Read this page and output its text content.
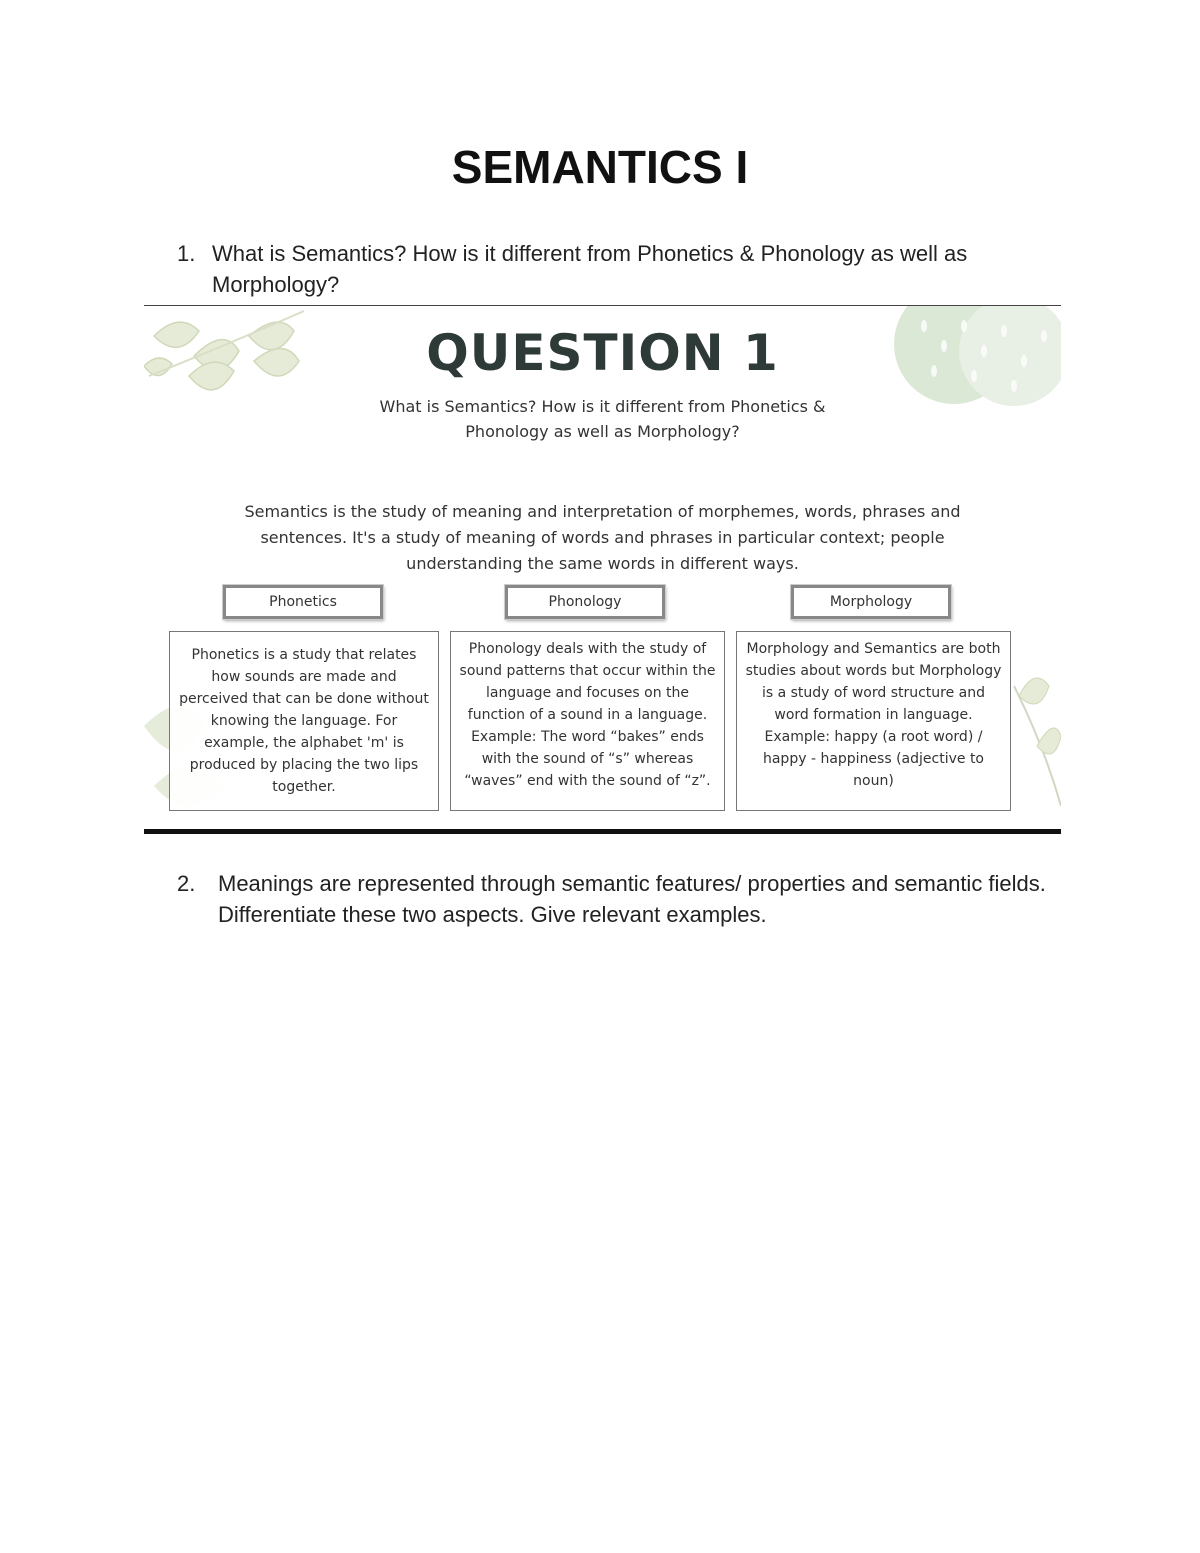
SEMANTICS I
1. What is Semantics? How is it different from Phonetics & Phonology as well as Morphology?
QUESTION 1
What is Semantics? How is it different from Phonetics & Phonology as well as Morphology?
Semantics is the study of meaning and interpretation of morphemes, words, phrases and sentences. It's a study of meaning of words and phrases in particular context; people understanding the same words in different ways.
Phonetics	Phonology	Morphology
Phonetics is a study that relates how sounds are made and perceived that can be done without knowing the language. For example, the alphabet 'm' is produced by placing the two lips together.
Phonology deals with the study of sound patterns that occur within the language and focuses on the function of a sound in a language. Example: The word “bakes” ends with the sound of “s” whereas “waves” end with the sound of “z”.
Morphology and Semantics are both studies about words but Morphology is a study of word structure and word formation in language. Example: happy (a root word) / happy - happiness (adjective to noun)
2. Meanings are represented through semantic features/ properties and semantic fields. Differentiate these two aspects. Give relevant examples.
